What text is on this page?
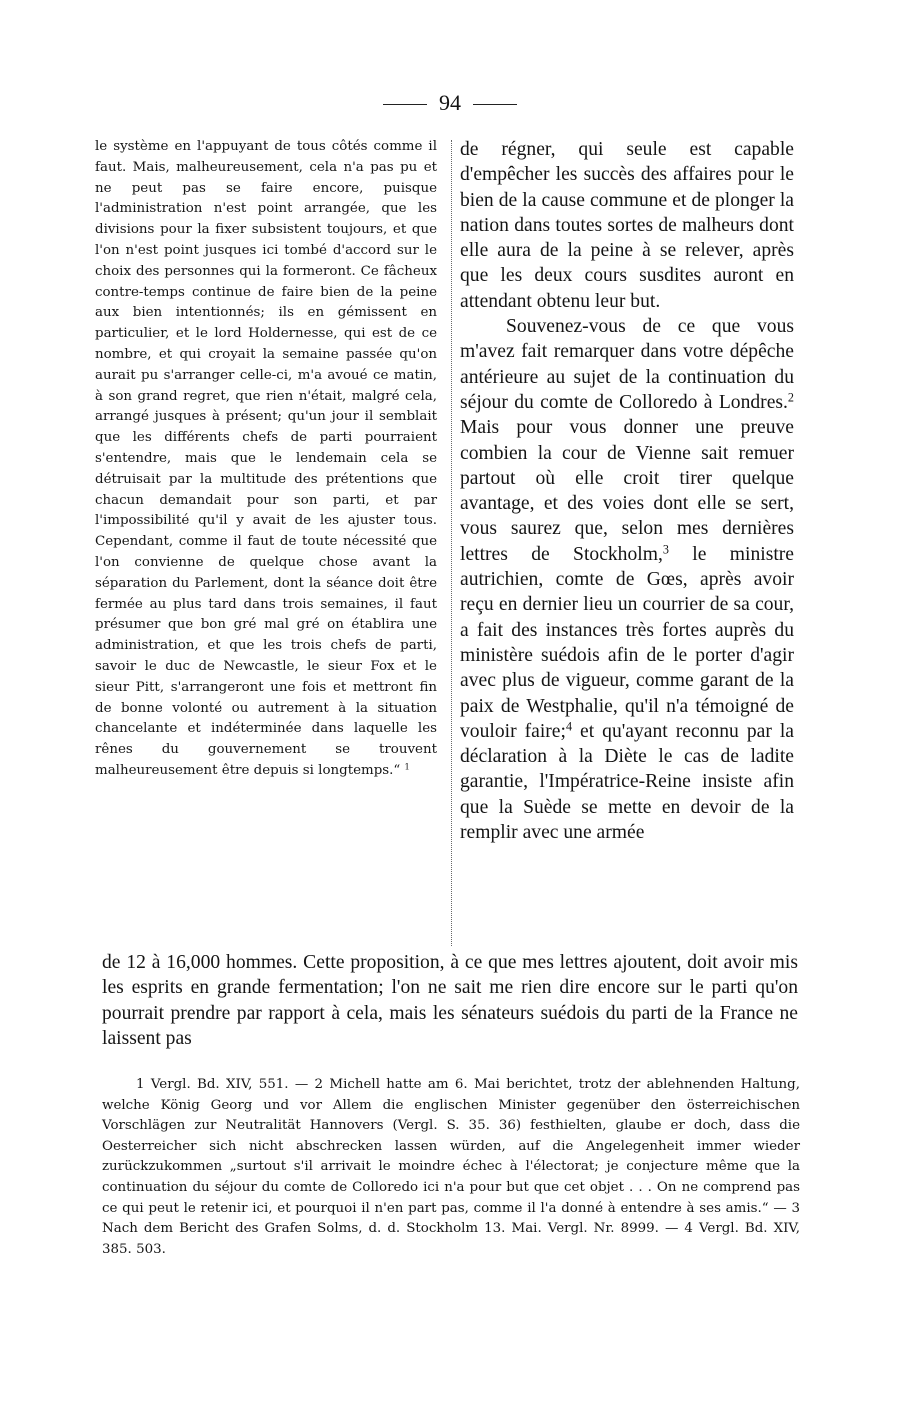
94

le système en l'appuyant de tous côtés comme il faut. Mais, malheureusement, cela n'a pas pu et ne peut pas se faire encore, puisque l'administration n'est point arrangée, que les divisions pour la fixer subsistent toujours, et que l'on n'est point jusques ici tombé d'accord sur le choix des personnes qui la formeront. Ce fâcheux contre-temps continue de faire bien de la peine aux bien intentionnés; ils en gémissent en particulier, et le lord Holdernesse, qui est de ce nombre, et qui croyait la semaine passée qu'on aurait pu s'arranger celle-ci, m'a avoué ce matin, à son grand regret, que rien n'était, malgré cela, arrangé jusques à présent; qu'un jour il semblait que les différents chefs de parti pourraient s'entendre, mais que le lendemain cela se détruisait par la multitude des prétentions que chacun demandait pour son parti, et par l'impossibilité qu'il y avait de les ajuster tous. Cependant, comme il faut de toute nécessité que l'on convienne de quelque chose avant la séparation du Parlement, dont la séance doit être fermée au plus tard dans trois semaines, il faut présumer que bon gré mal gré on établira une administration, et que les trois chefs de parti, savoir le duc de Newcastle, le sieur Fox et le sieur Pitt, s'arrangeront une fois et mettront fin de bonne volonté ou autrement à la situation chancelante et indéterminée dans laquelle les rênes du gouvernement se trouvent malheureusement être depuis si longtemps.“ $^1$

de régner, qui seule est capable d'empêcher les succès des affaires pour le bien de la cause commune et de plonger la nation dans toutes sortes de malheurs dont elle aura de la peine à se relever, après que les deux cours susdites auront en attendant obtenu leur but.

Souvenez-vous de ce que vous m'avez fait remarquer dans votre dépêche antérieure au sujet de la continuation du séjour du comte de Colloredo à Londres.$^2$ Mais pour vous donner une preuve combien la cour de Vienne sait remuer partout où elle croit tirer quelque avantage, et des voies dont elle se sert, vous saurez que, selon mes dernières lettres de Stockholm,$^3$ le ministre autrichien, comte de Gœs, après avoir reçu en dernier lieu un courrier de sa cour, a fait des instances très fortes auprès du ministère suédois afin de le porter d'agir avec plus de vigueur, comme garant de la paix de Westphalie, qu'il n'a témoigné de vouloir faire;$^4$ et qu'ayant reconnu par la déclaration à la Diète le cas de ladite garantie, l'Impératrice-Reine insiste afin que la Suède se mette en devoir de la remplir avec une armée

de 12 à 16,000 hommes. Cette proposition, à ce que mes lettres ajoutent, doit avoir mis les esprits en grande fermentation; l'on ne sait me rien dire encore sur le parti qu'on pourrait prendre par rapport à cela, mais les sénateurs suédois du parti de la France ne laissent pas

1 Vergl. Bd. XIV, 551. — 2 Michell hatte am 6. Mai berichtet, trotz der ablehnenden Haltung, welche König Georg und vor Allem die englischen Minister gegenüber den österreichischen Vorschlägen zur Neutralität Hannovers (Vergl. S. 35. 36) festhielten, glaube er doch, dass die Oesterreicher sich nicht abschrecken lassen würden, auf die Angelegenheit immer wieder zurückzukommen „surtout s'il arrivait le moindre échec à l'électorat; je conjecture même que la continuation du séjour du comte de Colloredo ici n'a pour but que cet objet . . . On ne comprend pas ce qui peut le retenir ici, et pourquoi il n'en part pas, comme il l'a donné à entendre à ses amis.“ — 3 Nach dem Bericht des Grafen Solms, d. d. Stockholm 13. Mai. Vergl. Nr. 8999. — 4 Vergl. Bd. XIV, 385. 503.
